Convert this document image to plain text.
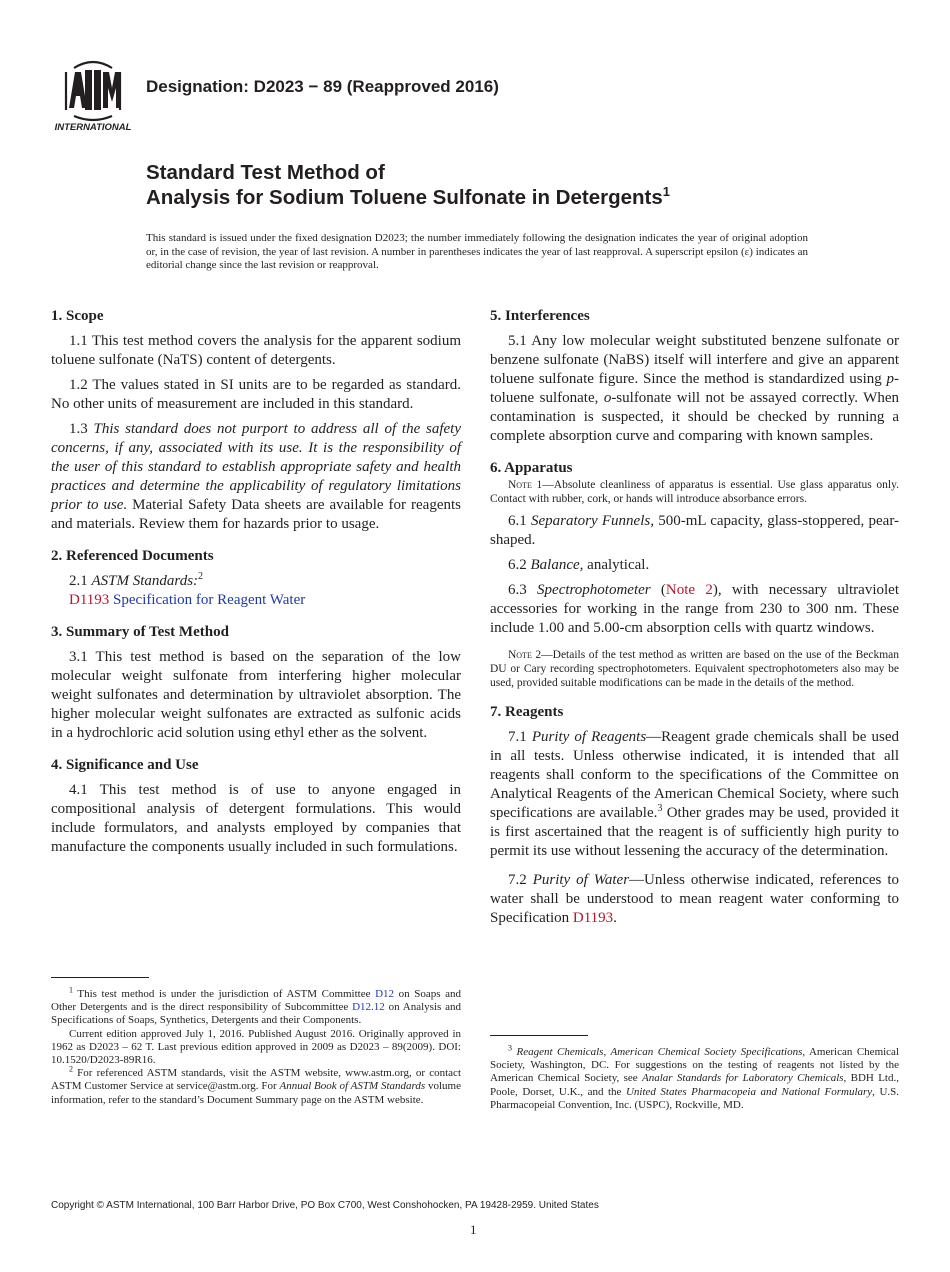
INTERNATIONAL
Designation: D2023 − 89 (Reapproved 2016)
Standard Test Method of
Analysis for Sodium Toluene Sulfonate in Detergents$^1$
This standard is issued under the fixed designation D2023; the number immediately following the designation indicates the year of original adoption or, in the case of revision, the year of last revision. A number in parentheses indicates the year of last reapproval. A superscript epsilon (ε) indicates an editorial change since the last revision or reapproval.
1. Scope

1.1 This test method covers the analysis for the apparent sodium toluene sulfonate (NaTS) content of detergents.

1.2 The values stated in SI units are to be regarded as standard. No other units of measurement are included in this standard.

1.3 This standard does not purport to address all of the safety concerns, if any, associated with its use. It is the responsibility of the user of this standard to establish appropriate safety and health practices and determine the applicability of regulatory limitations prior to use. Material Safety Data sheets are available for reagents and materials. Review them for hazards prior to usage.

2. Referenced Documents

2.1 ASTM Standards:$^2$

D1193 Specification for Reagent Water

3. Summary of Test Method

3.1 This test method is based on the separation of the low molecular weight sulfonate from interfering higher molecular weight sulfonates and determination by ultraviolet absorption. The higher molecular weight sulfonates are extracted as sulfonic acids in a hydrochloric acid solution using ethyl ether as the solvent.

4. Significance and Use

4.1 This test method is of use to anyone engaged in compositional analysis of detergent formulations. This would include formulators, and analysts employed by companies that manufacture the components usually included in such formulations.

5. Interferences

5.1 Any low molecular weight substituted benzene sulfonate or benzene sulfonate (NaBS) itself will interfere and give an apparent toluene sulfonate figure. Since the method is standardized using p-toluene sulfonate, o-sulfonate will not be assayed correctly. When contamination is suspected, it should be checked by running a complete absorption curve and comparing with known samples.

6. Apparatus

Note 1—Absolute cleanliness of apparatus is essential. Use glass apparatus only. Contact with rubber, cork, or hands will introduce absorbance errors.

6.1 Separatory Funnels, 500-mL capacity, glass-stoppered, pear-shaped.

6.2 Balance, analytical.

6.3 Spectrophotometer (Note 2), with necessary ultraviolet accessories for working in the range from 230 to 300 nm. These include 1.00 and 5.00-cm absorption cells with quartz windows.

Note 2—Details of the test method as written are based on the use of the Beckman DU or Cary recording spectrophotometers. Equivalent spectrophotometers also may be used, provided suitable modifications can be made in the details of the method.

7. Reagents

7.1 Purity of Reagents—Reagent grade chemicals shall be used in all tests. Unless otherwise indicated, it is intended that all reagents shall conform to the specifications of the Committee on Analytical Reagents of the American Chemical Society, where such specifications are available.$^3$ Other grades may be used, provided it is first ascertained that the reagent is of sufficiently high purity to permit its use without lessening the accuracy of the determination.

7.2 Purity of Water—Unless otherwise indicated, references to water shall be understood to mean reagent water conforming to Specification D1193.

$^1$ This test method is under the jurisdiction of ASTM Committee D12 on Soaps and Other Detergents and is the direct responsibility of Subcommittee D12.12 on Analysis and Specifications of Soaps, Synthetics, Detergents and their Components.

Current edition approved July 1, 2016. Published August 2016. Originally approved in 1962 as D2023 – 62 T. Last previous edition approved in 2009 as D2023 – 89(2009). DOI: 10.1520/D2023-89R16.

$^2$ For referenced ASTM standards, visit the ASTM website, www.astm.org, or contact ASTM Customer Service at service@astm.org. For Annual Book of ASTM Standards volume information, refer to the standard’s Document Summary page on the ASTM website.

$^3$ Reagent Chemicals, American Chemical Society Specifications, American Chemical Society, Washington, DC. For suggestions on the testing of reagents not listed by the American Chemical Society, see Analar Standards for Laboratory Chemicals, BDH Ltd., Poole, Dorset, U.K., and the United States Pharmacopeia and National Formulary, U.S. Pharmacopeial Convention, Inc. (USPC), Rockville, MD.

Copyright © ASTM International, 100 Barr Harbor Drive, PO Box C700, West Conshohocken, PA 19428-2959. United States
1
